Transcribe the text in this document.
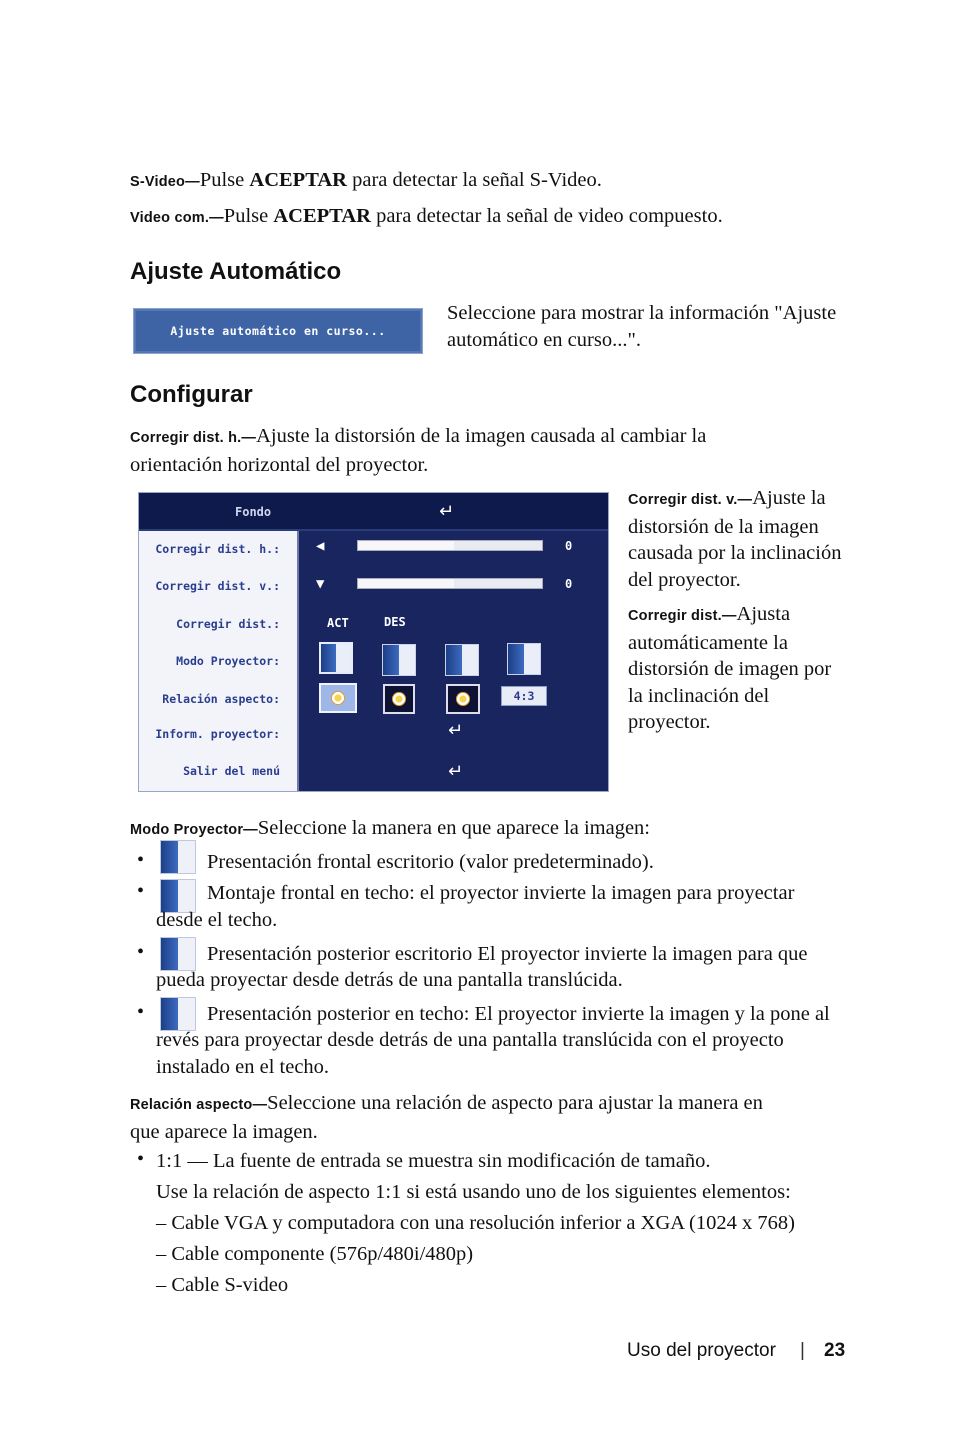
S-Video—Pulse ACEPTAR para detectar la señal S-Video.
Video com.—Pulse ACEPTAR para detectar la señal de video compuesto.
Ajuste Automático
Ajuste automático en curso...
Seleccione para mostrar la información "Ajuste
automático en curso...".
Configurar
Corregir dist. h.—Ajuste la distorsión de la imagen causada al cambiar la
orientación horizontal del proyector.
Fondo	↵
Corregir dist. h.:
Corregir dist. v.:
Corregir dist.:
Modo Proyector:
Relación aspecto:
Inform. proyector:
Salir del menú
◀	0
▼	0
ACT	DES
↵
↵
4:3
Corregir dist. v.—Ajuste la
distorsión de la imagen
causada por la inclinación
del proyector.
Corregir dist.—Ajusta
automáticamente la
distorsión de imagen por
la inclinación del
proyector.
Modo Proyector—Seleccione la manera en que aparece la imagen:
•	Presentación frontal escritorio (valor predeterminado).
•	Montaje frontal en techo: el proyector invierte la imagen para proyectar
desde el techo.
•	Presentación posterior escritorio El proyector invierte la imagen para que
pueda proyectar desde detrás de una pantalla translúcida.
•	Presentación posterior en techo: El proyector invierte la imagen y la pone al
revés para proyectar desde detrás de una pantalla translúcida con el proyecto
instalado en el techo.
Relación aspecto—Seleccione una relación de aspecto para ajustar la manera en
que aparece la imagen.
• 1:1 — La fuente de entrada se muestra sin modificación de tamaño.
Use la relación de aspecto 1:1 si está usando uno de los siguientes elementos:
– Cable VGA y computadora con una resolución inferior a XGA (1024 x 768)
– Cable componente (576p/480i/480p)
– Cable S-video
Uso del proyector | 23
